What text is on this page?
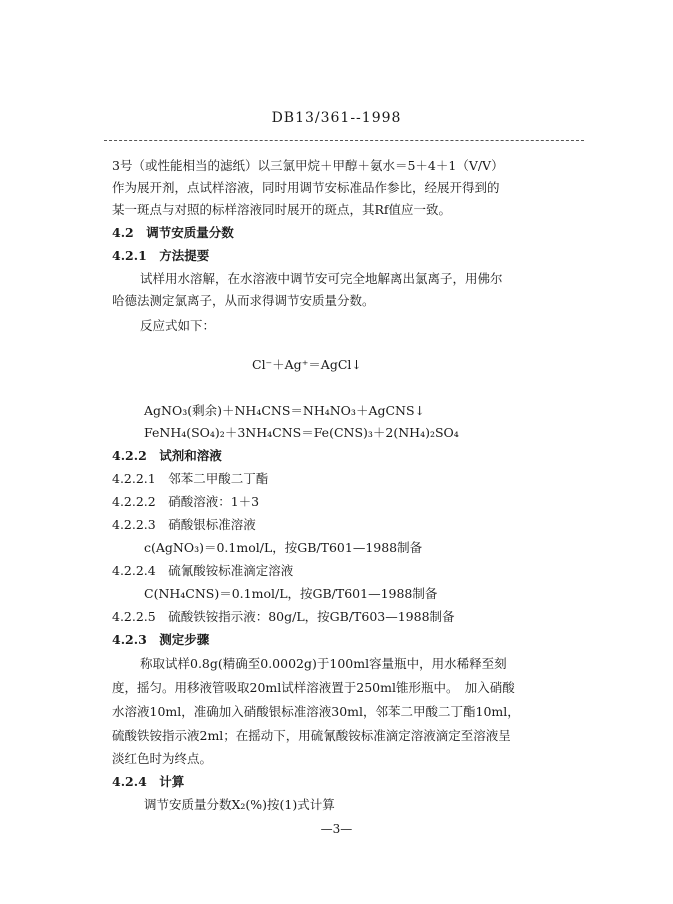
DB13/361--1998
3号（或性能相当的滤纸）以三氯甲烷＋甲醇＋氨水＝5＋4＋1（V/V）
作为展开剂，点试样溶液，同时用调节安标准品作参比，经展开得到的
某一斑点与对照的标样溶液同时展开的斑点，其Rf值应一致。
4.2　调节安质量分数
4.2.1　方法提要
试样用水溶解，在水溶液中调节安可完全地解离出氯离子，用佛尔
哈德法测定氯离子，从而求得调节安质量分数。
反应式如下：
Cl⁻＋Ag⁺＝AgCl↓
AgNO₃(剩余)＋NH₄CNS＝NH₄NO₃＋AgCNS↓
FeNH₄(SO₄)₂＋3NH₄CNS＝Fe(CNS)₃＋2(NH₄)₂SO₄
4.2.2　试剂和溶液
4.2.2.1　邻苯二甲酸二丁酯
4.2.2.2　硝酸溶液：1＋3
4.2.2.3　硝酸银标准溶液
c(AgNO₃)＝0.1mol/L，按GB/T601—1988制备
4.2.2.4　硫氰酸铵标准滴定溶液
C(NH₄CNS)＝0.1mol/L，按GB/T601—1988制备
4.2.2.5　硫酸铁铵指示液：80g/L，按GB/T603—1988制备
4.2.3　测定步骤
称取试样0.8g(精确至0.0002g)于100ml容量瓶中，用水稀释至刻
度，摇匀。用移液管吸取20ml试样溶液置于250ml锥形瓶中。　加入硝酸
水溶液10ml，准确加入硝酸银标准溶液30ml，邻苯二甲酸二丁酯10ml，
硫酸铁铵指示液2ml；在摇动下，用硫氰酸铵标准滴定溶液滴定至溶液呈
淡红色时为终点。
4.2.4　计算
调节安质量分数X₂(%)按(1)式计算
—3—
